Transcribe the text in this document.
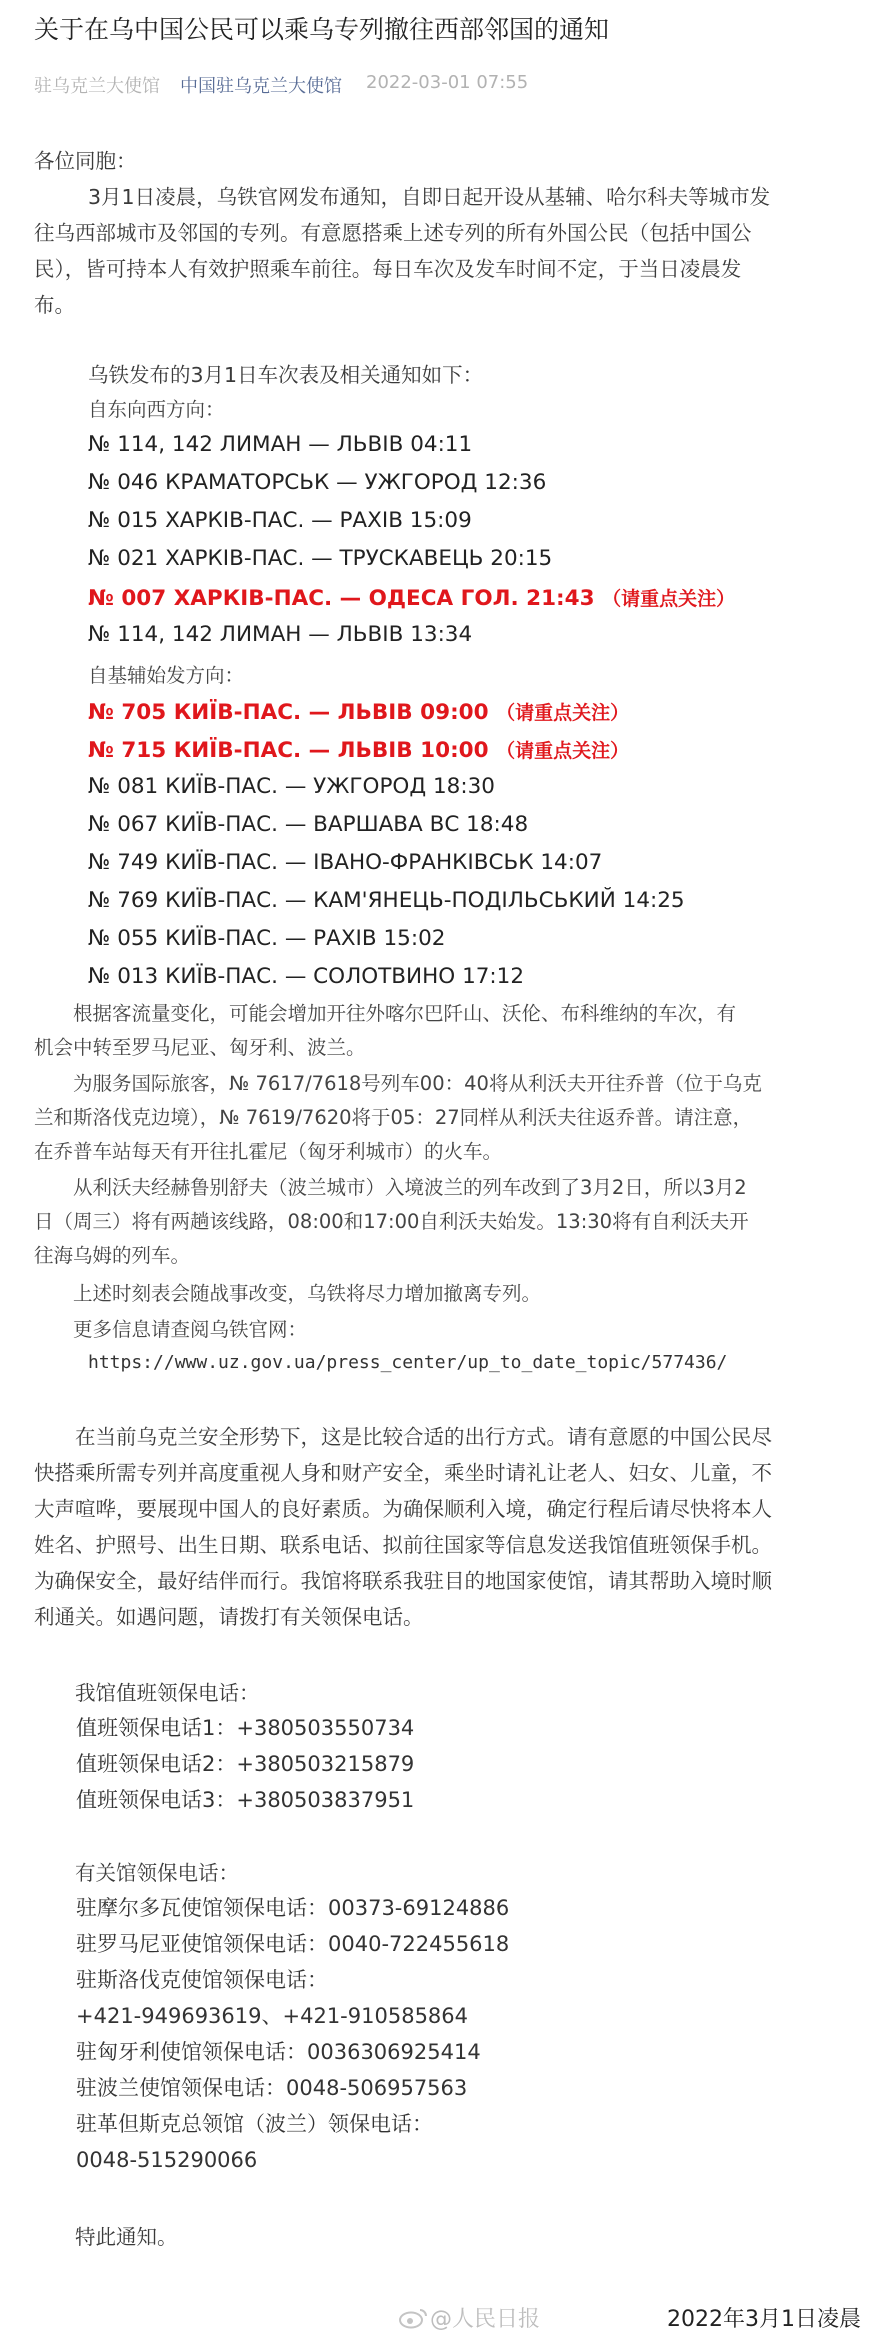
关于在乌中国公民可以乘乌专列撤往西部邻国的通知
驻乌克兰大使馆 中国驻乌克兰大使馆 2022-03-01 07:55
各位同胞：
3月1日凌晨，乌铁官网发布通知，自即日起开设从基辅、哈尔科夫等城市发
往乌西部城市及邻国的专列。有意愿搭乘上述专列的所有外国公民（包括中国公
民），皆可持本人有效护照乘车前往。每日车次及发车时间不定，于当日凌晨发
布。
乌铁发布的3月1日车次表及相关通知如下：
自东向西方向：
№ 114, 142 ЛИМАН — ЛЬВІВ 04:11
№ 046 КРАМАТОРСЬК — УЖГОРОД 12:36
№ 015 ХАРКІВ-ПАС. — РАХІВ 15:09
№ 021 ХАРКІВ-ПАС. — ТРУСКАВЕЦЬ 20:15
№ 007 ХАРКІВ-ПАС. — ОДЕСА ГОЛ. 21:43 （请重点关注）
№ 114, 142 ЛИМАН — ЛЬВІВ 13:34
自基辅始发方向：
№ 705 КИЇВ-ПАС. — ЛЬВІВ 09:00 （请重点关注）
№ 715 КИЇВ-ПАС. — ЛЬВІВ 10:00 （请重点关注）
№ 081 КИЇВ-ПАС. — УЖГОРОД 18:30
№ 067 КИЇВ-ПАС. — ВАРШАВА ВС 18:48
№ 749 КИЇВ-ПАС. — ІВАНО-ФРАНКІВСЬК 14:07
№ 769 КИЇВ-ПАС. — КАМ'ЯНЕЦЬ-ПОДІЛЬСЬКИЙ 14:25
№ 055 КИЇВ-ПАС. — РАХІВ 15:02
№ 013 КИЇВ-ПАС. — СОЛОТВИНО 17:12
　　根据客流量变化，可能会增加开往外喀尔巴阡山、沃伦、布科维纳的车次，有
机会中转至罗马尼亚、匈牙利、波兰。
　　为服务国际旅客，№ 7617/7618号列车00：40将从利沃夫开往乔普（位于乌克
兰和斯洛伐克边境），№ 7619/7620将于05：27同样从利沃夫往返乔普。请注意，
在乔普车站每天有开往扎霍尼（匈牙利城市）的火车。
　　从利沃夫经赫鲁别舒夫（波兰城市）入境波兰的列车改到了3月2日，所以3月2
日（周三）将有两趟该线路，08:00和17:00自利沃夫始发。13:30将有自利沃夫开
往海乌姆的列车。
　　上述时刻表会随战事改变，乌铁将尽力增加撤离专列。
　　更多信息请查阅乌铁官网：
https://www.uz.gov.ua/press_center/up_to_date_topic/577436/
　　在当前乌克兰安全形势下，这是比较合适的出行方式。请有意愿的中国公民尽
快搭乘所需专列并高度重视人身和财产安全，乘坐时请礼让老人、妇女、儿童，不
大声喧哗，要展现中国人的良好素质。为确保顺利入境，确定行程后请尽快将本人
姓名、护照号、出生日期、联系电话、拟前往国家等信息发送我馆值班领保手机。
为确保安全，最好结伴而行。我馆将联系我驻目的地国家使馆，请其帮助入境时顺
利通关。如遇问题，请拨打有关领保电话。
　　我馆值班领保电话：
　　值班领保电话1：+380503550734
　　值班领保电话2：+380503215879
　　值班领保电话3：+380503837951
　　有关馆领保电话：
　　驻摩尔多瓦使馆领保电话：00373-69124886
　　驻罗马尼亚使馆领保电话：0040-722455618
　　驻斯洛伐克使馆领保电话：
　　+421-949693619、+421-910585864
　　驻匈牙利使馆领保电话：0036306925414
　　驻波兰使馆领保电话：0048-506957563
　　驻革但斯克总领馆（波兰）领保电话：
　　0048-515290066
　　特此通知。
@人民日报	2022年3月1日凌晨
